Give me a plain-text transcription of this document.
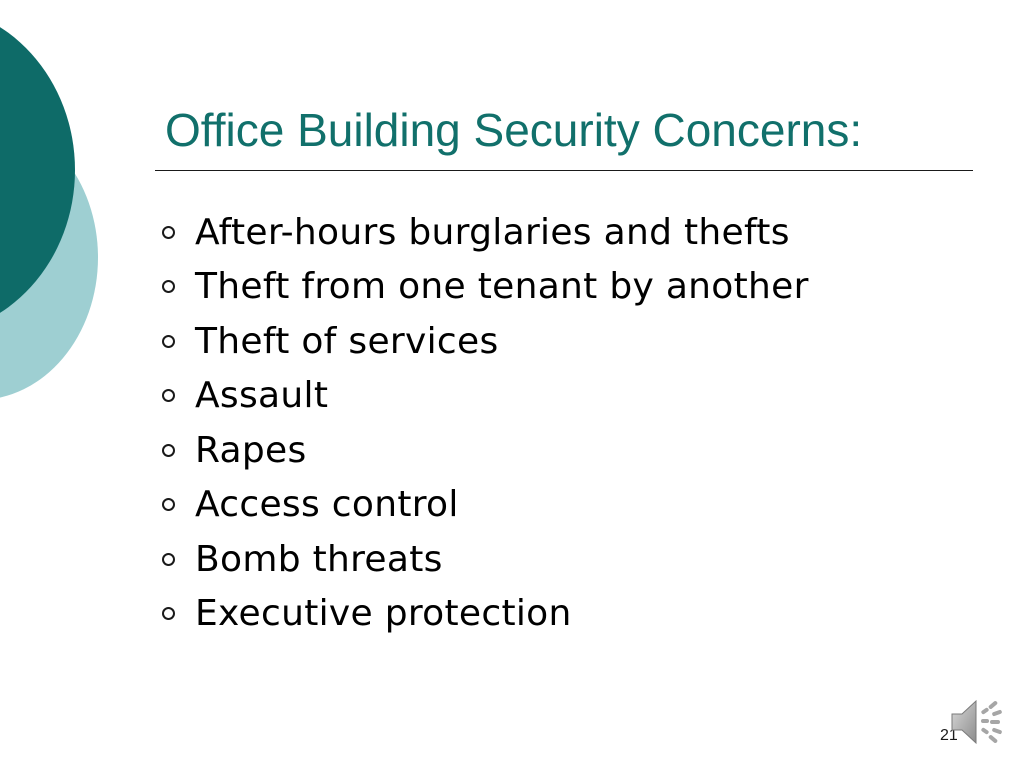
Office Building Security Concerns:
After-hours burglaries and thefts
Theft from one tenant by another
Theft of services
Assault
Rapes
Access control
Bomb threats
Executive protection
21
